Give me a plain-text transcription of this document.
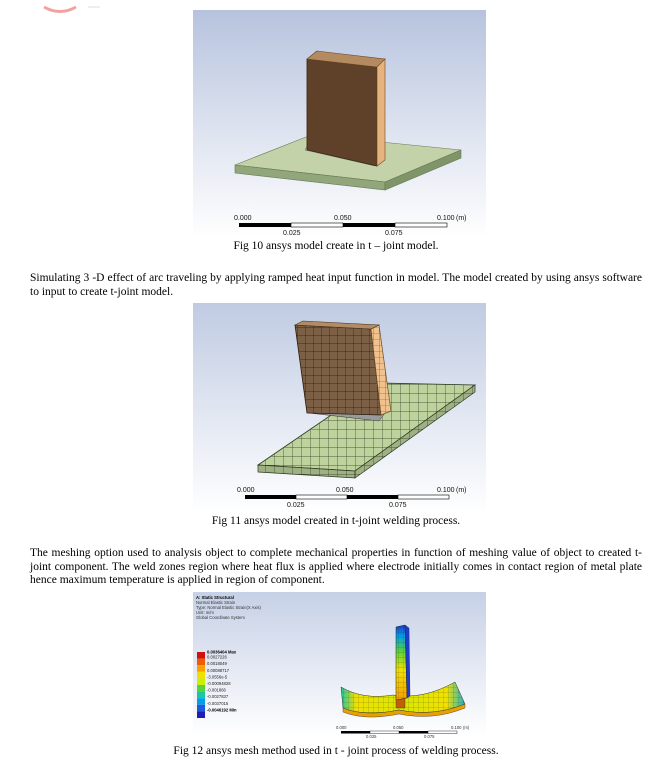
0.000	0.050	0.100 (m)
0.025	0.075
Fig 10 ansys model create in t – joint model.
Simulating 3 -D effect of arc traveling by applying ramped heat input function in model. The model created by using ansys software to input to create t-joint model.
0.000	0.050	0.100 (m)
0.025	0.075
Fig 11 ansys model created in t-joint welding process.
The meshing option used to analysis object to complete mechanical properties in function of meshing value of object to created t-joint component. The weld zones region where heat flux is applied where electrode initially comes in contact region of metal plate hence maximum temperature is applied in region of component.
A: Static Structural
Normal Elastic Strain
Type: Normal Elastic Strain(X Axis)
Unit: m/m
Global Coordinate System
0.0036404 Max
0.0027226
0.0018049
0.00088717
-3.0556e-5
-0.00094828
-0.001866
-0.0027837
-0.0037015
-0.0046192 Min
0.000	0.050	0.100 (m)
0.025	0.075
Fig 12 ansys mesh method used in t - joint process of welding process.
